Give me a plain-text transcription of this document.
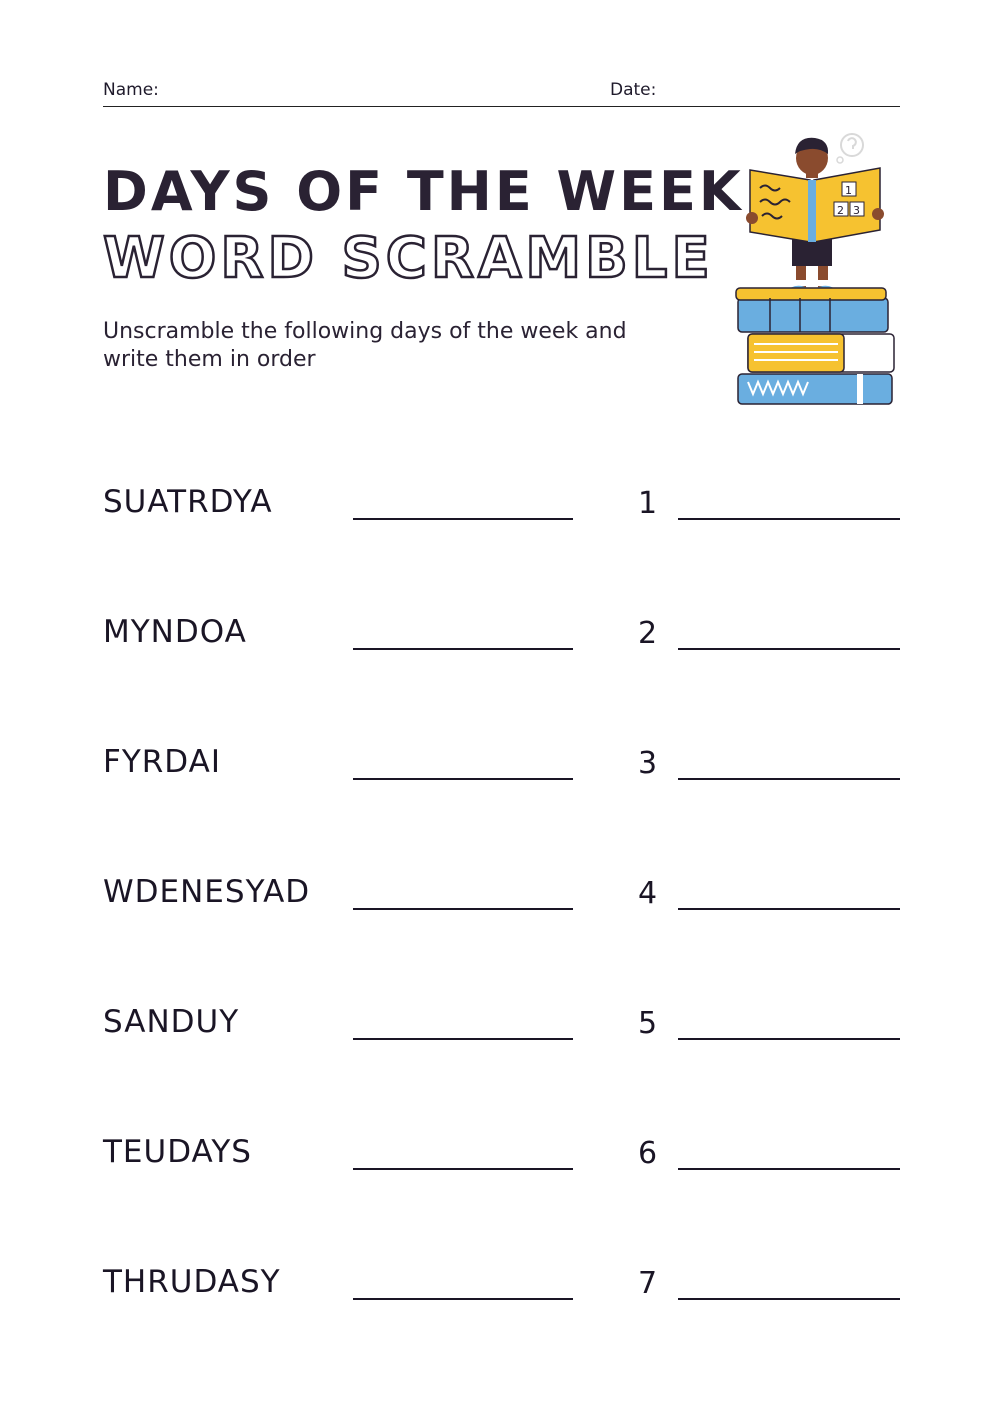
Name:	Date:
DAYS OF THE WEEK
WORD SCRAMBLE
Unscramble the following days of the week and write them in order
1
2 3
SUATRDYA	1
MYNDOA	2
FYRDAI	3
WDENESYAD	4
SANDUY	5
TEUDAYS	6
THRUDASY	7
